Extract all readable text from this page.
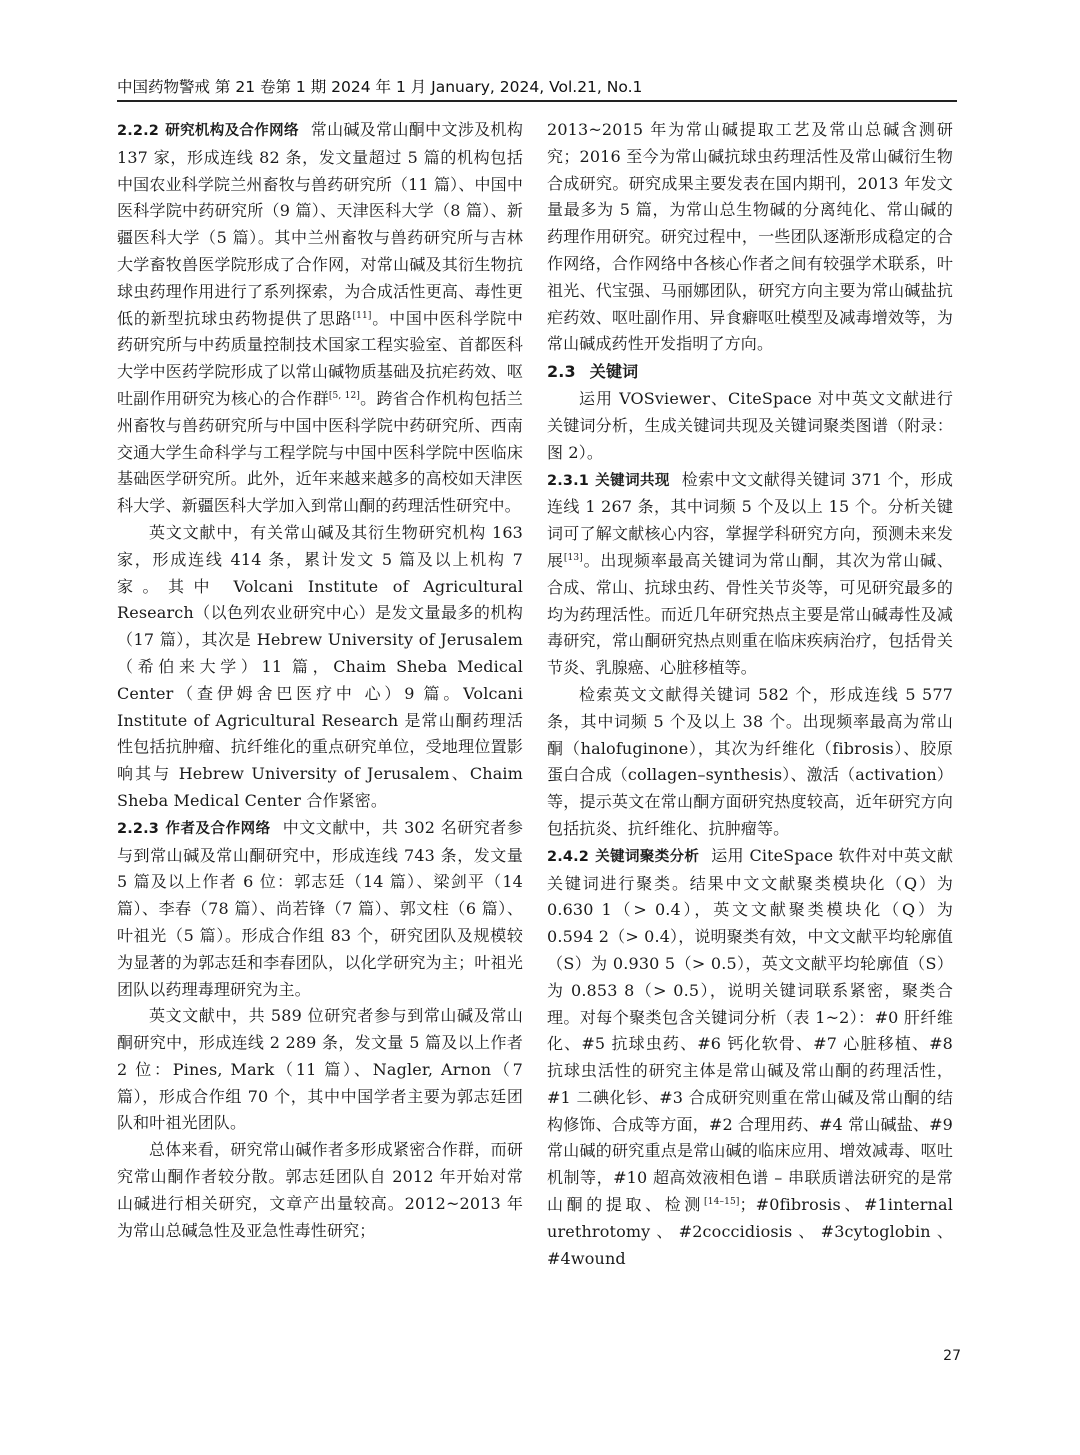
中国药物警戒 第 21 卷第 1 期 2024 年 1 月 January, 2024, Vol.21, No.1

2.2.2 研究机构及合作网络 常山碱及常山酮中文涉及机构 137 家，形成连线 82 条，发文量超过 5 篇的机构包括中国农业科学院兰州畜牧与兽药研究所（11 篇）、中国中医科学院中药研究所（9 篇）、天津医科大学（8 篇）、新疆医科大学（5 篇）。其中兰州畜牧与兽药研究所与吉林大学畜牧兽医学院形成了合作网，对常山碱及其衍生物抗球虫药理作用进行了系列探索，为合成活性更高、毒性更低的新型抗球虫药物提供了思路[11]。中国中医科学院中药研究所与中药质量控制技术国家工程实验室、首都医科大学中医药学院形成了以常山碱物质基础及抗疟药效、呕吐副作用研究为核心的合作群[5, 12]。跨省合作机构包括兰州畜牧与兽药研究所与中国中医科学院中药研究所、西南交通大学生命科学与工程学院与中国中医科学院中医临床基础医学研究所。此外，近年来越来越多的高校如天津医科大学、新疆医科大学加入到常山酮的药理活性研究中。

英文文献中，有关常山碱及其衍生物研究机构 163 家，形成连线 414 条，累计发文 5 篇及以上机构 7 家。其中 Volcani Institute of Agricultural Research（以色列农业研究中心）是发文量最多的机构（17 篇），其次是 Hebrew University of Jerusalem（希伯来大学）11 篇，Chaim Sheba Medical Center（查伊姆舍巴医疗中 心）9 篇。Volcani Institute of Agricultural Research 是常山酮药理活性包括抗肿瘤、抗纤维化的重点研究单位，受地理位置影响其与 Hebrew University of Jerusalem、Chaim Sheba Medical Center 合作紧密。

2.2.3 作者及合作网络 中文文献中，共 302 名研究者参与到常山碱及常山酮研究中，形成连线 743 条，发文量 5 篇及以上作者 6 位：郭志廷（14 篇）、梁剑平（14 篇）、李春（78 篇）、尚若锋（7 篇）、郭文柱（6 篇）、叶祖光（5 篇）。形成合作组 83 个，研究团队及规模较为显著的为郭志廷和李春团队，以化学研究为主；叶祖光团队以药理毒理研究为主。

英文文献中，共 589 位研究者参与到常山碱及常山酮研究中，形成连线 2 289 条，发文量 5 篇及以上作者 2 位：Pines, Mark（11 篇）、Nagler, Arnon（7 篇），形成合作组 70 个，其中中国学者主要为郭志廷团队和叶祖光团队。

总体来看，研究常山碱作者多形成紧密合作群，而研究常山酮作者较分散。郭志廷团队自 2012 年开始对常山碱进行相关研究，文章产出量较高。2012~2013 年为常山总碱急性及亚急性毒性研究；

2013~2015 年为常山碱提取工艺及常山总碱含测研究；2016 至今为常山碱抗球虫药理活性及常山碱衍生物合成研究。研究成果主要发表在国内期刊，2013 年发文量最多为 5 篇，为常山总生物碱的分离纯化、常山碱的药理作用研究。研究过程中，一些团队逐渐形成稳定的合作网络，合作网络中各核心作者之间有较强学术联系，叶祖光、代宝强、马丽娜团队，研究方向主要为常山碱盐抗疟药效、呕吐副作用、异食癖呕吐模型及减毒增效等，为常山碱成药性开发指明了方向。

2.3 关键词

运用 VOSviewer、CiteSpace 对中英文文献进行关键词分析，生成关键词共现及关键词聚类图谱（附录：图 2）。

2.3.1 关键词共现 检索中文文献得关键词 371 个，形成连线 1 267 条，其中词频 5 个及以上 15 个。分析关键词可了解文献核心内容，掌握学科研究方向，预测未来发展[13]。出现频率最高关键词为常山酮，其次为常山碱、合成、常山、抗球虫药、骨性关节炎等，可见研究最多的均为药理活性。而近几年研究热点主要是常山碱毒性及减毒研究，常山酮研究热点则重在临床疾病治疗，包括骨关节炎、乳腺癌、心脏移植等。

检索英文文献得关键词 582 个，形成连线 5 577 条，其中词频 5 个及以上 38 个。出现频率最高为常山酮（halofuginone），其次为纤维化（fibrosis）、胶原蛋白合成（collagen–synthesis）、激活（activation）等，提示英文在常山酮方面研究热度较高，近年研究方向包括抗炎、抗纤维化、抗肿瘤等。

2.4.2 关键词聚类分析 运用 CiteSpace 软件对中英文献关键词进行聚类。结果中文文献聚类模块化（Q）为 0.630 1（> 0.4），英文文献聚类模块化（Q）为 0.594 2（> 0.4），说明聚类有效，中文文献平均轮廓值（S）为 0.930 5（> 0.5），英文文献平均轮廓值（S）为 0.853 8（> 0.5），说明关键词联系紧密，聚类合理。对每个聚类包含关键词分析（表 1~2）：#0 肝纤维化、#5 抗球虫药、#6 钙化软骨、#7 心脏移植、#8 抗球虫活性的研究主体是常山碱及常山酮的药理活性，#1 二碘化钐、#3 合成研究则重在常山碱及常山酮的结构修饰、合成等方面，#2 合理用药、#4 常山碱盐、#9 常山碱的研究重点是常山碱的临床应用、增效减毒、呕吐机制等，#10 超高效液相色谱 – 串联质谱法研究的是常山酮的提取、检测[14–15]；#0fibrosis、#1internal urethrotomy、#2coccidiosis、#3cytoglobin、#4wound

27
